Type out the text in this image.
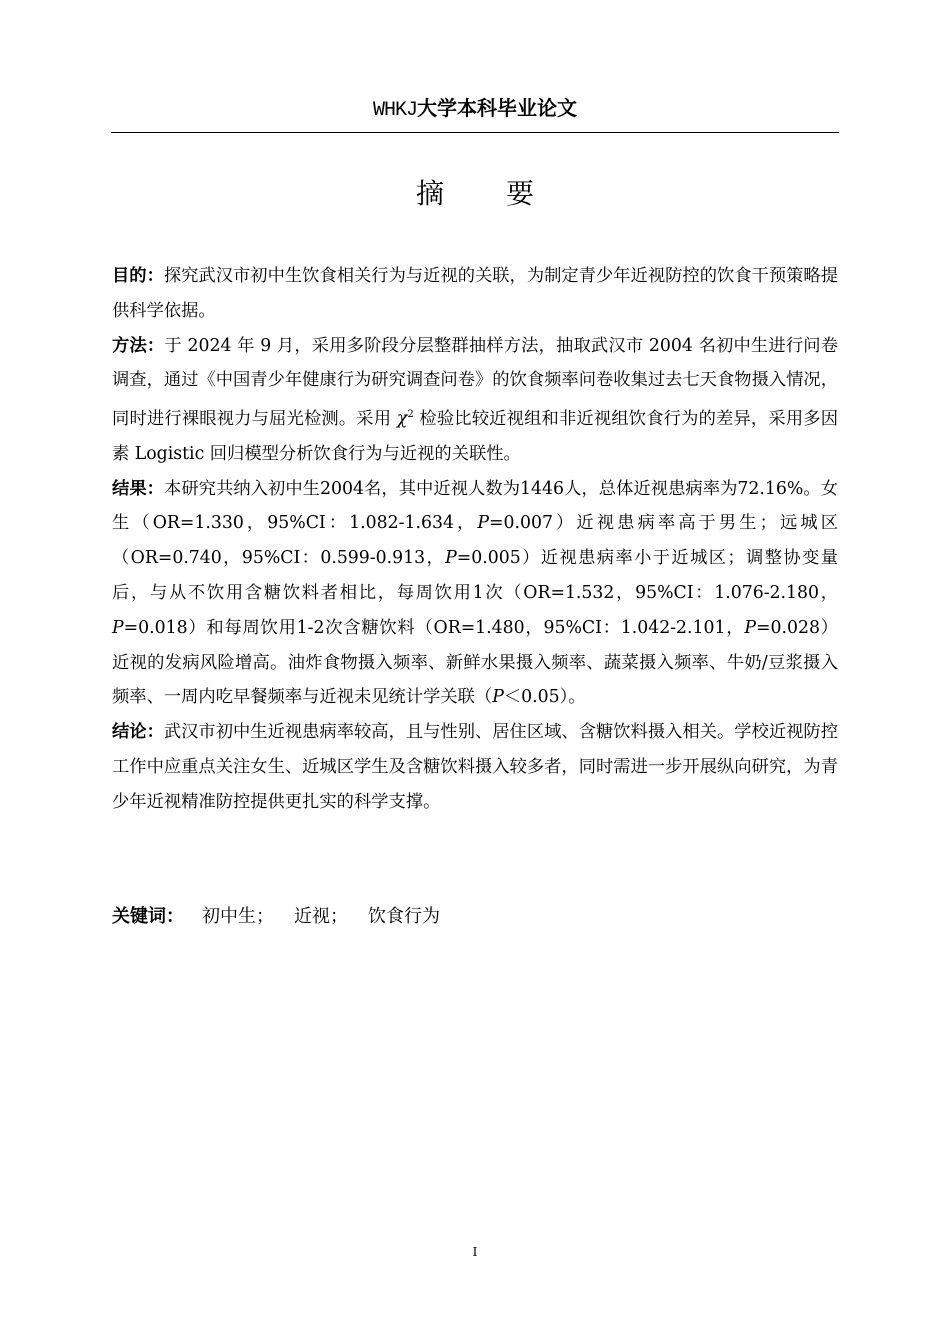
WHKJ大学本科毕业论文
摘要

目的：探究武汉市初中生饮食相关行为与近视的关联，为制定青少年近视防控的饮食干预策略提供科学依据。

方法：于 2024 年 9 月，采用多阶段分层整群抽样方法，抽取武汉市 2004 名初中生进行问卷调查，通过《中国青少年健康行为研究调查问卷》的饮食频率问卷收集过去七天食物摄入情况，同时进行裸眼视力与屈光检测。采用 $\chi^2$ 检验比较近视组和非近视组饮食行为的差异，采用多因素 Logistic 回归模型分析饮食行为与近视的关联性。

结果：本研究共纳入初中生2004名，其中近视人数为1446人，总体近视患病率为72.16%。女生（OR=1.330，95%CI：1.082-1.634，P=0.007）近视患病率高于男生；远城区（OR=0.740，95%CI：0.599-0.913，P=0.005）近视患病率小于近城区；调整协变量后，与从不饮用含糖饮料者相比，每周饮用1次（OR=1.532，95%CI：1.076-2.180，P=0.018）和每周饮用1-2次含糖饮料（OR=1.480，95%CI：1.042-2.101，P=0.028）近视的发病风险增高。油炸食物摄入频率、新鲜水果摄入频率、蔬菜摄入频率、牛奶/豆浆摄入频率、一周内吃早餐频率与近视未见统计学关联（P＜0.05）。

结论：武汉市初中生近视患病率较高，且与性别、居住区域、含糖饮料摄入相关。学校近视防控工作中应重点关注女生、近城区学生及含糖饮料摄入较多者，同时需进一步开展纵向研究，为青少年近视精准防控提供更扎实的科学支撑。

关键词： 初中生； 近视； 饮食行为
I
